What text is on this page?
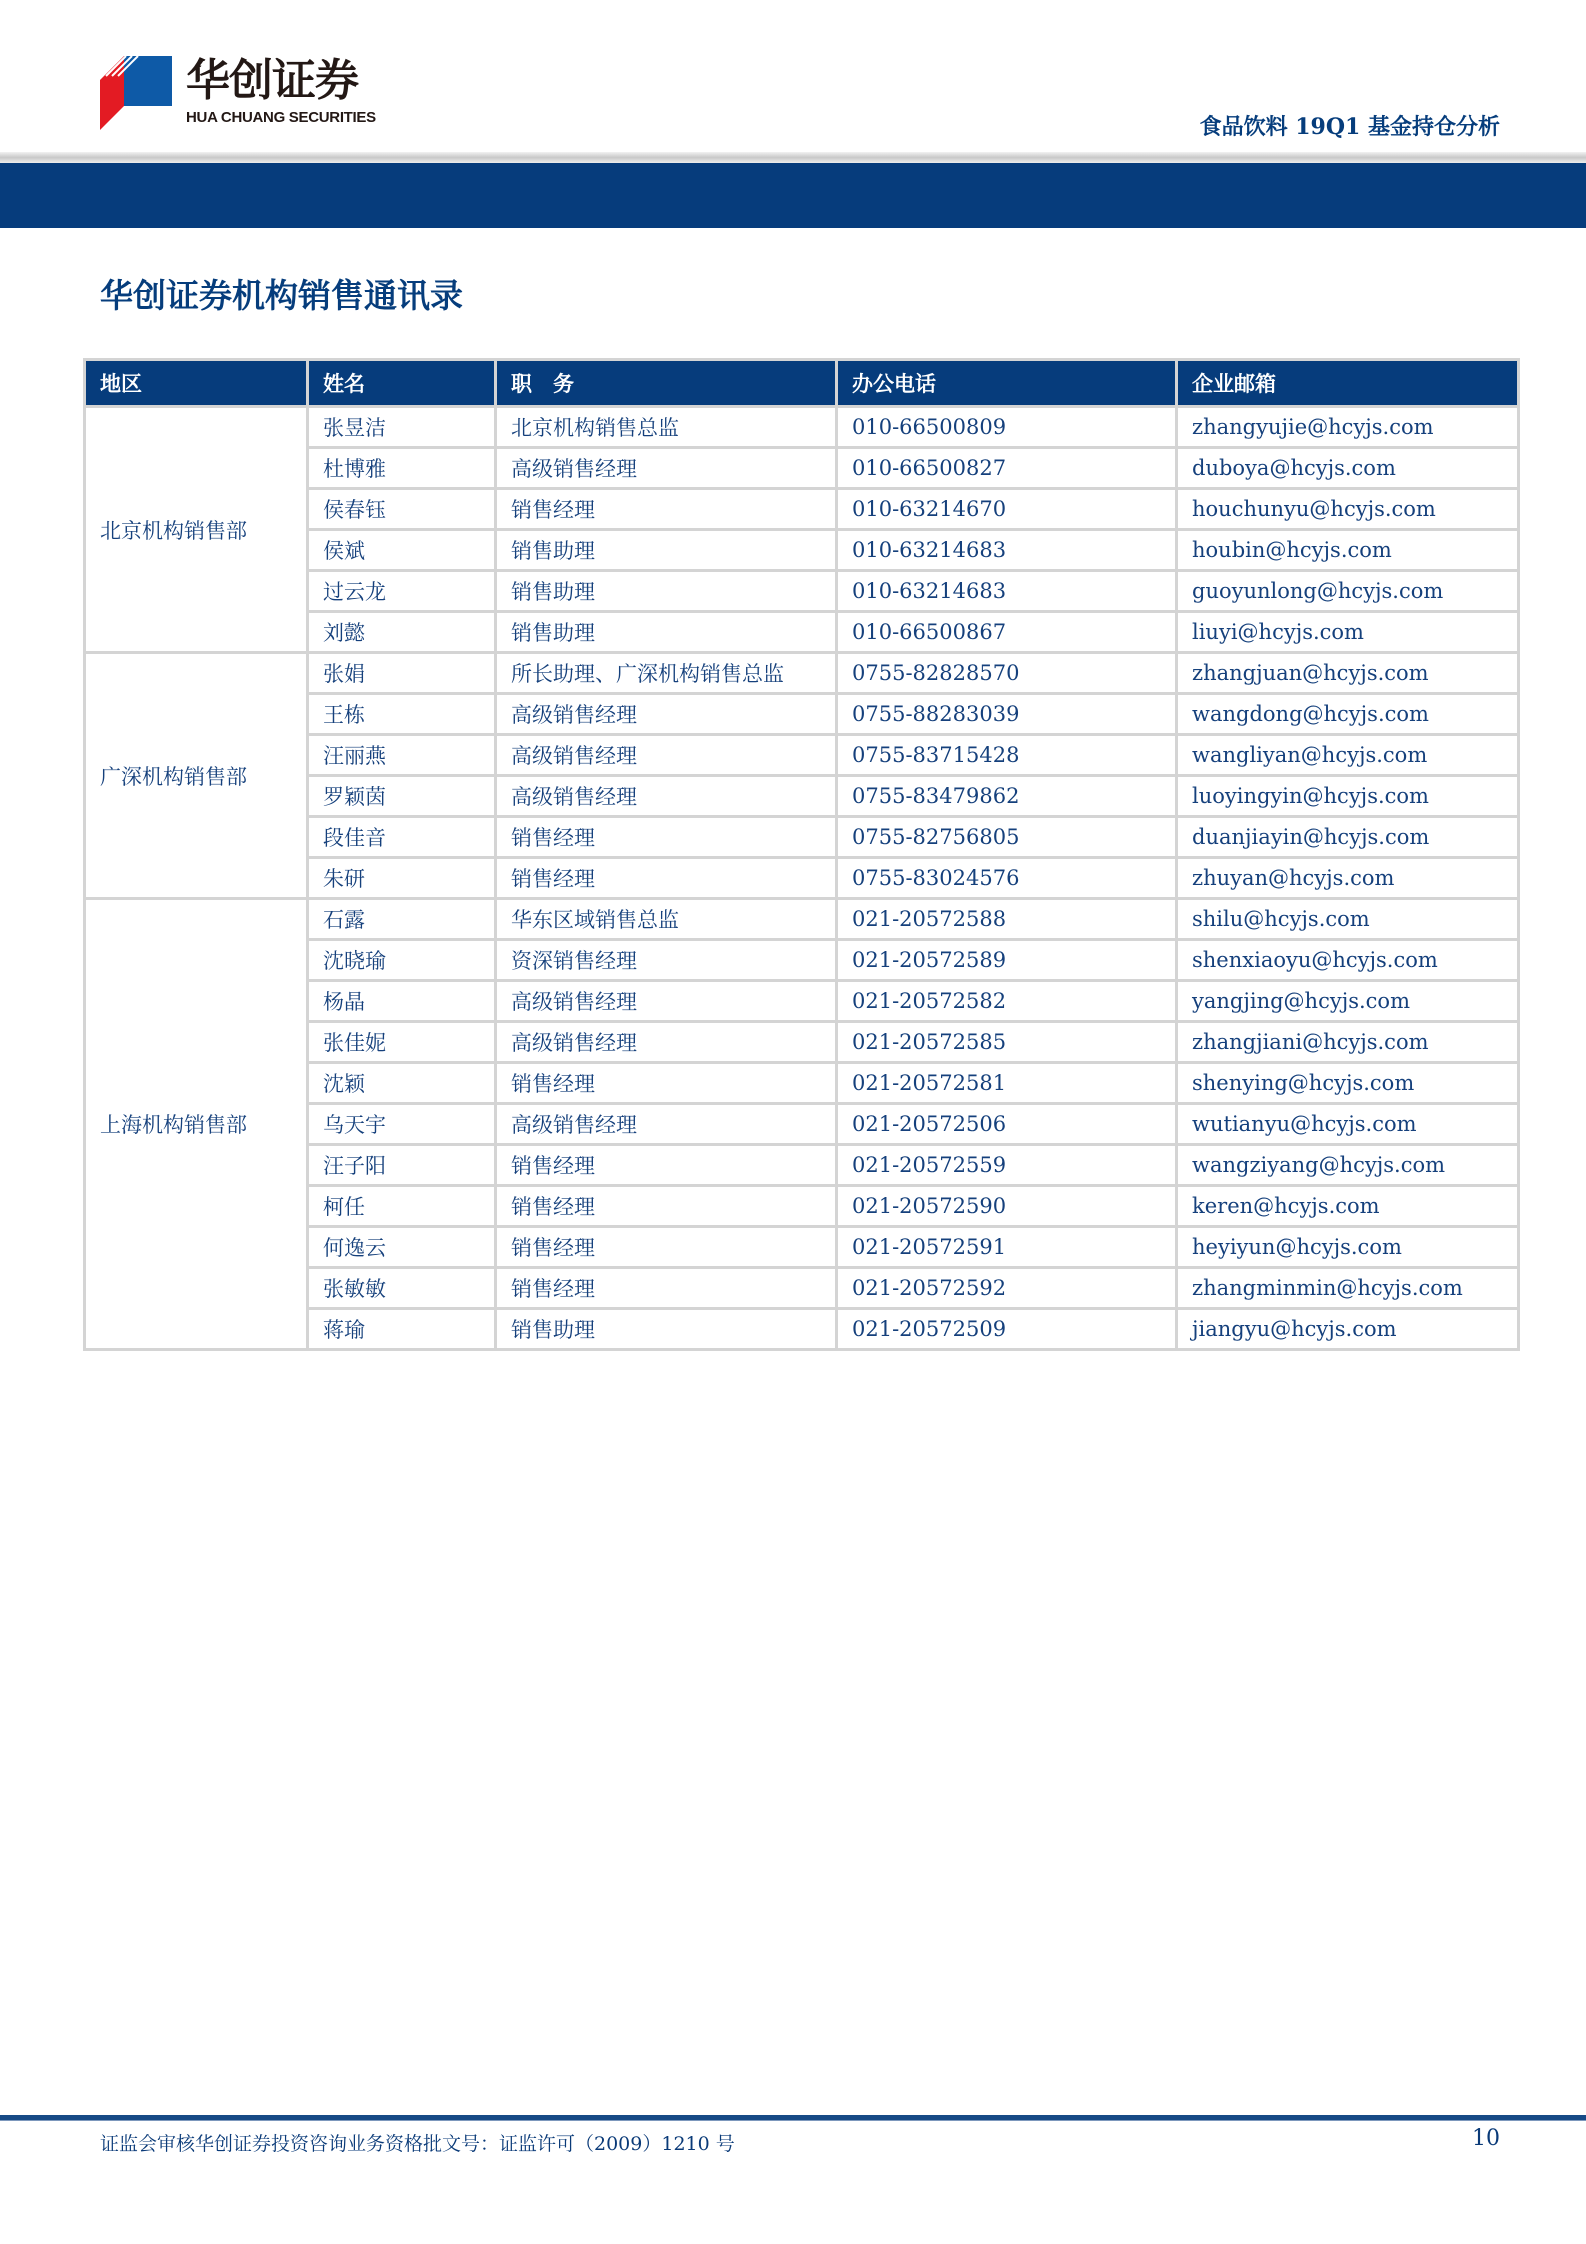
华创证券
HUA CHUANG SECURITIES	食品饮料 19Q1 基金持仓分析
华创证券机构销售通讯录
地区	姓名	职　务	办公电话	企业邮箱
北京机构销售部	张昱洁	北京机构销售总监	010-66500809	zhangyujie@hcyjs.com
	杜博雅	高级销售经理	010-66500827	duboya@hcyjs.com
	侯春钰	销售经理	010-63214670	houchunyu@hcyjs.com
	侯斌	销售助理	010-63214683	houbin@hcyjs.com
	过云龙	销售助理	010-63214683	guoyunlong@hcyjs.com
	刘懿	销售助理	010-66500867	liuyi@hcyjs.com
广深机构销售部	张娟	所长助理、广深机构销售总监	0755-82828570	zhangjuan@hcyjs.com
	王栋	高级销售经理	0755-88283039	wangdong@hcyjs.com
	汪丽燕	高级销售经理	0755-83715428	wangliyan@hcyjs.com
	罗颖茵	高级销售经理	0755-83479862	luoyingyin@hcyjs.com
	段佳音	销售经理	0755-82756805	duanjiayin@hcyjs.com
	朱研	销售经理	0755-83024576	zhuyan@hcyjs.com
上海机构销售部	石露	华东区域销售总监	021-20572588	shilu@hcyjs.com
	沈晓瑜	资深销售经理	021-20572589	shenxiaoyu@hcyjs.com
	杨晶	高级销售经理	021-20572582	yangjing@hcyjs.com
	张佳妮	高级销售经理	021-20572585	zhangjiani@hcyjs.com
	沈颖	销售经理	021-20572581	shenying@hcyjs.com
	乌天宇	高级销售经理	021-20572506	wutianyu@hcyjs.com
	汪子阳	销售经理	021-20572559	wangziyang@hcyjs.com
	柯任	销售经理	021-20572590	keren@hcyjs.com
	何逸云	销售经理	021-20572591	heyiyun@hcyjs.com
	张敏敏	销售经理	021-20572592	zhangminmin@hcyjs.com
	蒋瑜	销售助理	021-20572509	jiangyu@hcyjs.com
证监会审核华创证券投资咨询业务资格批文号：证监许可（2009）1210 号	10
